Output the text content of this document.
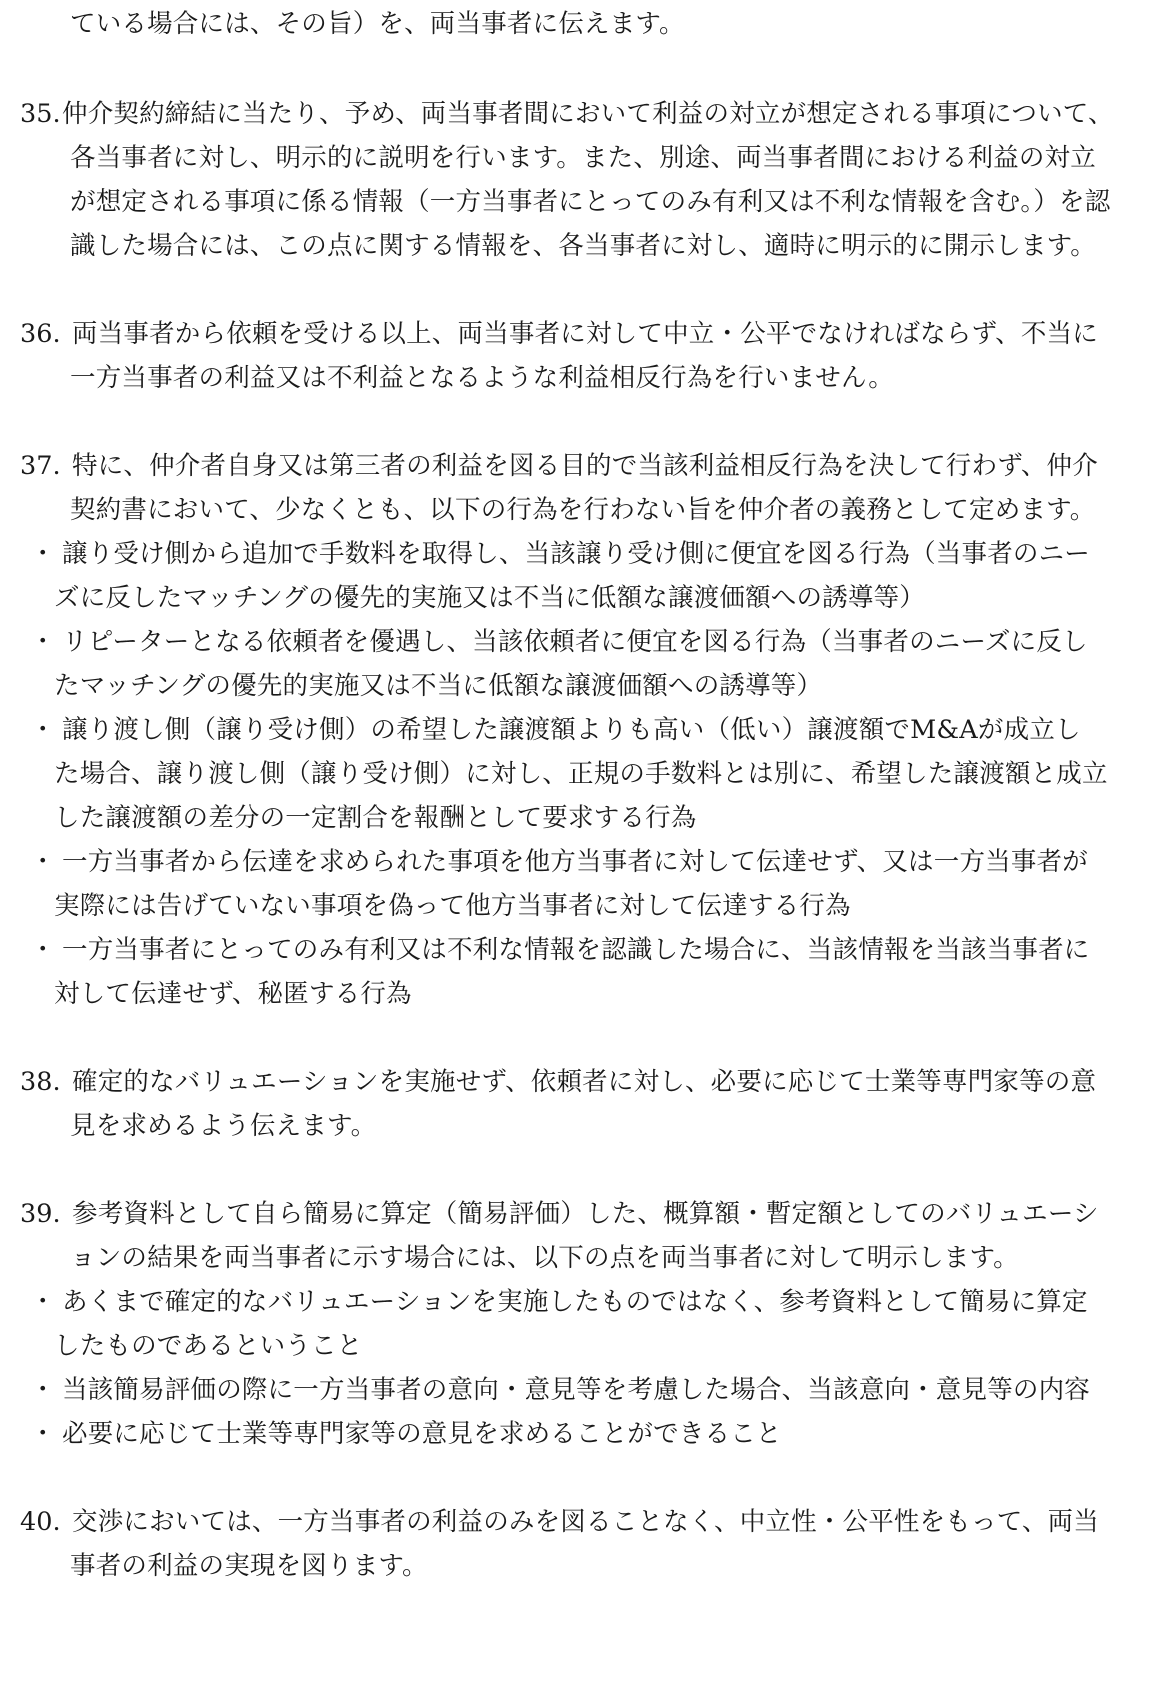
ている場合には、その旨）を、両当事者に伝えます。
35. 仲介契約締結に当たり、予め、両当事者間において利益の対立が想定される事項について、
各当事者に対し、明示的に説明を行います。また、別途、両当事者間における利益の対立
が想定される事項に係る情報（一方当事者にとってのみ有利又は不利な情報を含む。）を認
識した場合には、この点に関する情報を、各当事者に対し、適時に明示的に開示します。
36. 両当事者から依頼を受ける以上、両当事者に対して中立・公平でなければならず、不当に
一方当事者の利益又は不利益となるような利益相反行為を行いません。
37. 特に、仲介者自身又は第三者の利益を図る目的で当該利益相反行為を決して行わず、仲介
契約書において、少なくとも、以下の行為を行わない旨を仲介者の義務として定めます。
・ 譲り受け側から追加で手数料を取得し、当該譲り受け側に便宜を図る行為（当事者のニー
ズに反したマッチングの優先的実施又は不当に低額な譲渡価額への誘導等）
・ リピーターとなる依頼者を優遇し、当該依頼者に便宜を図る行為（当事者のニーズに反し
たマッチングの優先的実施又は不当に低額な譲渡価額への誘導等）
・ 譲り渡し側（譲り受け側）の希望した譲渡額よりも高い（低い）譲渡額でM&Aが成立し
た場合、譲り渡し側（譲り受け側）に対し、正規の手数料とは別に、希望した譲渡額と成立
した譲渡額の差分の一定割合を報酬として要求する行為
・ 一方当事者から伝達を求められた事項を他方当事者に対して伝達せず、又は一方当事者が
実際には告げていない事項を偽って他方当事者に対して伝達する行為
・ 一方当事者にとってのみ有利又は不利な情報を認識した場合に、当該情報を当該当事者に
対して伝達せず、秘匿する行為
38. 確定的なバリュエーションを実施せず、依頼者に対し、必要に応じて士業等専門家等の意
見を求めるよう伝えます。
39. 参考資料として自ら簡易に算定（簡易評価）した、概算額・暫定額としてのバリュエーシ
ョンの結果を両当事者に示す場合には、以下の点を両当事者に対して明示します。
・ あくまで確定的なバリュエーションを実施したものではなく、参考資料として簡易に算定
したものであるということ
・ 当該簡易評価の際に一方当事者の意向・意見等を考慮した場合、当該意向・意見等の内容
・ 必要に応じて士業等専門家等の意見を求めることができること
40. 交渉においては、一方当事者の利益のみを図ることなく、中立性・公平性をもって、両当
事者の利益の実現を図ります。
